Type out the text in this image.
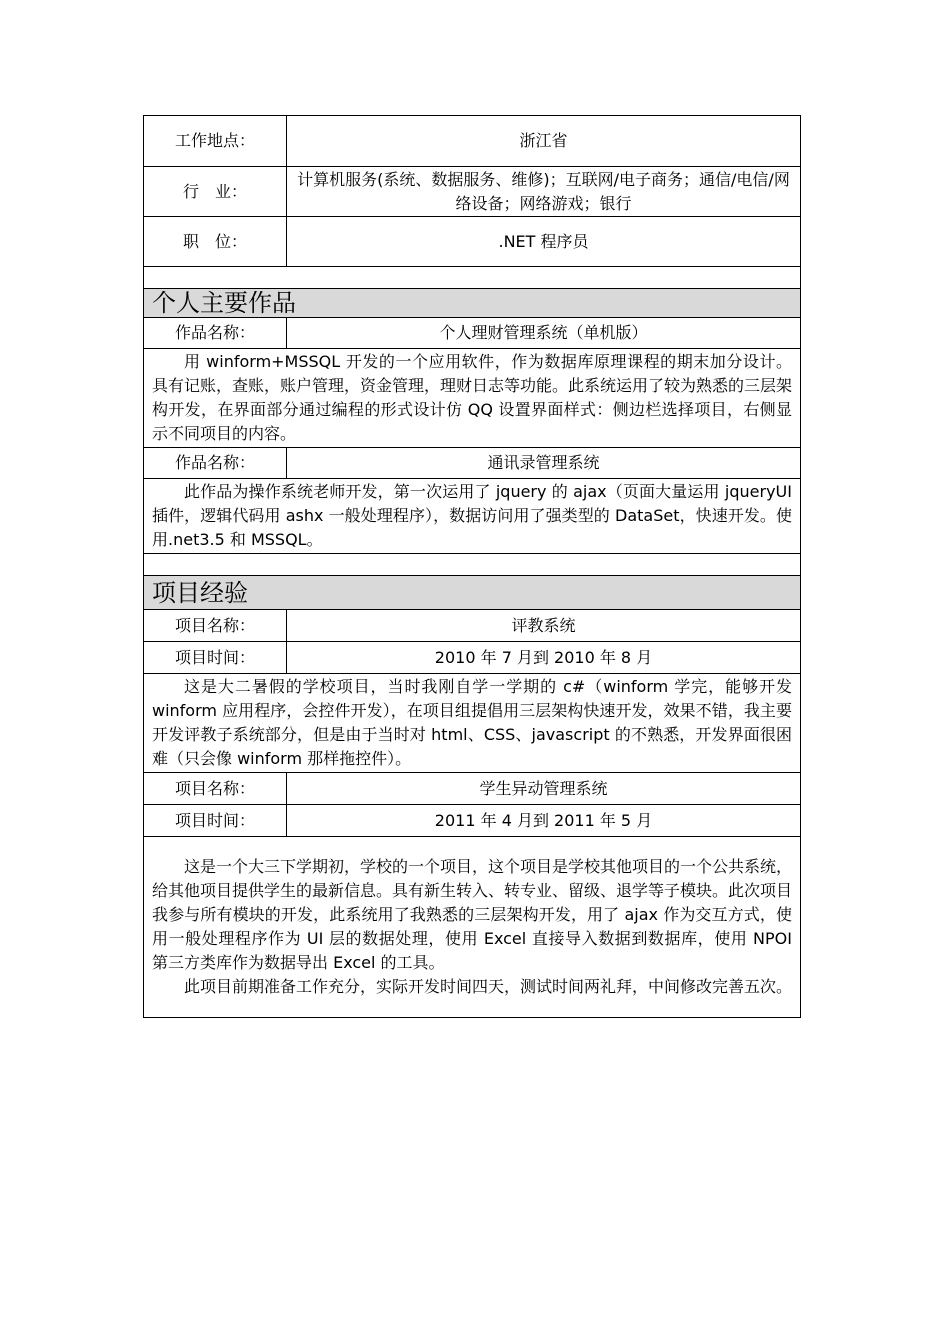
工作地点：	浙江省
行　业：	计算机服务(系统、数据服务、维修)；互联网/电子商务；通信/电信/网络设备；网络游戏；银行
职　位：	.NET 程序员

个人主要作品	
作品名称：	个人理财管理系统（单机版）

用 winform+MSSQL 开发的一个应用软件，作为数据库原理课程的期末加分设计。具有记账，查账，账户管理，资金管理，理财日志等功能。此系统运用了较为熟悉的三层架构开发，在界面部分通过编程的形式设计仿 QQ 设置界面样式：侧边栏选择项目，右侧显示不同项目的内容。	

作品名称：	通讯录管理系统

此作品为操作系统老师开发，第一次运用了 jquery 的 ajax（页面大量运用 jqueryUI 插件，逻辑代码用 ashx 一般处理程序），数据访问用了强类型的 DataSet，快速开发。使用.net3.5 和 MSSQL。	

项目经验	
项目名称：	评教系统
项目时间：	2010 年 7 月到 2010 年 8 月

这是大二暑假的学校项目，当时我刚自学一学期的 c#（winform 学完，能够开发 winform 应用程序，会控件开发），在项目组提倡用三层架构快速开发，效果不错，我主要开发评教子系统部分，但是由于当时对 html、CSS、javascript 的不熟悉，开发界面很困难（只会像 winform 那样拖控件）。	

项目名称：	学生异动管理系统
项目时间：	2011 年 4 月到 2011 年 5 月

这是一个大三下学期初，学校的一个项目，这个项目是学校其他项目的一个公共系统，给其他项目提供学生的最新信息。具有新生转入、转专业、留级、退学等子模块。此次项目我参与所有模块的开发，此系统用了我熟悉的三层架构开发，用了 ajax 作为交互方式，使用一般处理程序作为 UI 层的数据处理，使用 Excel 直接导入数据到数据库，使用 NPOI 第三方类库作为数据导出 Excel 的工具。

此项目前期准备工作充分，实际开发时间四天，测试时间两礼拜，中间修改完善五次。	
